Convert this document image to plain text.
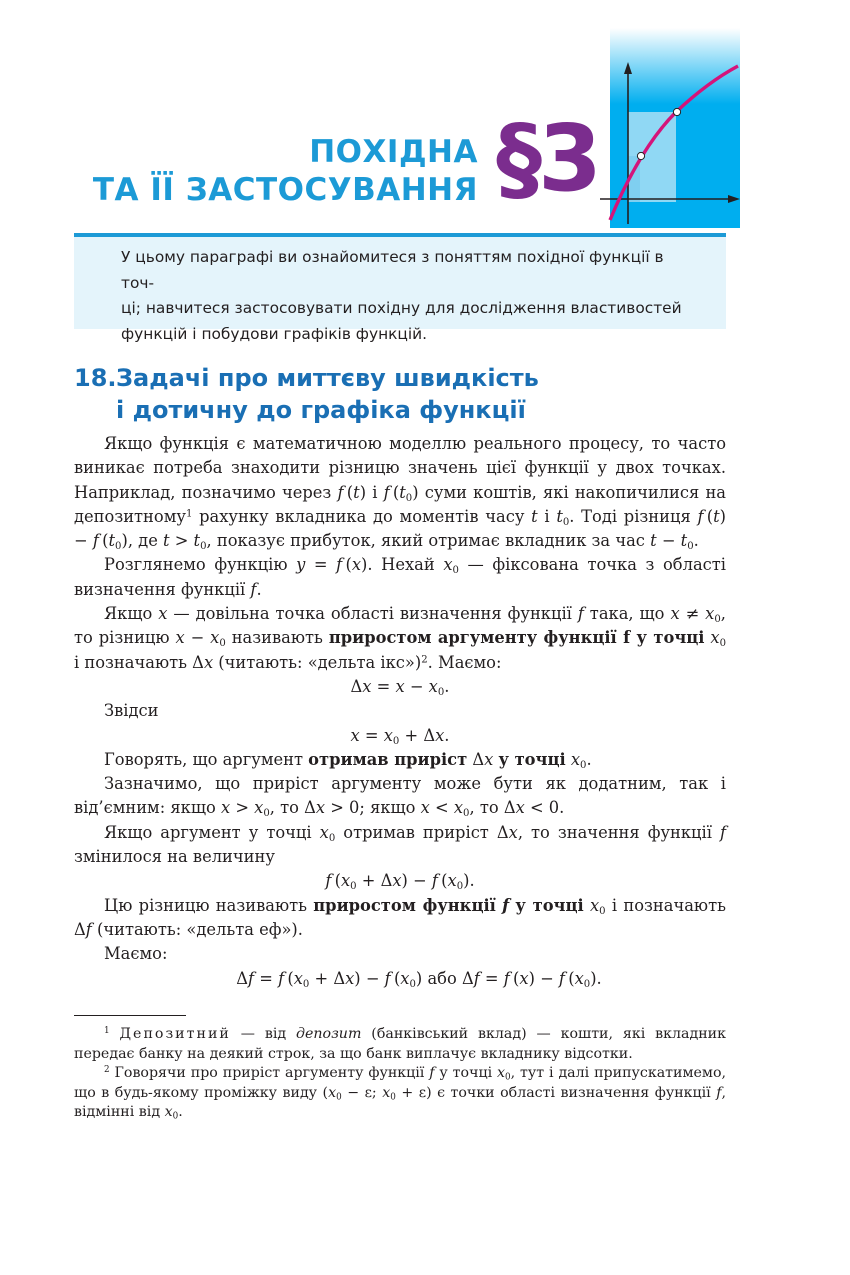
ПОХІДНА
ТА ЇЇ ЗАСТОСУВАННЯ §3
У цьому параграфі ви ознайомитеся з поняттям похідної функції в точ-
ці; навчитеся застосовувати похідну для дослідження властивостей
функцій і побудови графіків функцій.
18.Задачі про миттєву швидкість
і дотичну до графіка функції

Якщо функція є математичною моделлю реального процесу, то часто виникає потреба знаходити різницю значень цієї функції у двох точках. Наприклад, позначимо через f (t) і f $(t_0)$ суми коштів, які накопичилися на депозитному$^1$ рахунку вкладника до моментів часу t і $t_0$. Тоді різниця f (t) − f $(t_0)$, де $t > t_0$, показує прибуток, який отримає вкладник за час $t - t_0$.

Розглянемо функцію y = f (x). Нехай $x_0$ — фіксована точка з області визначення функції f.

Якщо x — довільна точка області визначення функції f така, що $x \ne x_0$, то різницю $x - x_0$ називають приростом аргументу функції f у точці $x_0$ і позначають Δx (читають: «дельта ікс»)$^2$. Маємо:

$\Delta x = x - x_0$.

Звідси

$x = x_0 + \Delta x$.

Говорять, що аргумент отримав приріст Δx у точці $x_0$.

Зазначимо, що приріст аргументу може бути як додатним, так і від’ємним: якщо $x > x_0$, то Δx > 0; якщо $x < x_0$, то Δx < 0.

Якщо аргумент у точці $x_0$ отримав приріст Δx, то значення функції f змінилося на величину

f $(x_0 + \Delta x) - f$ $(x_0)$.

Цю різницю називають приростом функції f у точці $x_0$ і позначають Δf (читають: «дельта еф»).

Маємо:

Δf = f $(x_0 + \Delta x) - f$ $(x_0)$ або Δf = f (x) − f $(x_0)$.

$^1$ Депозитний — від депозит (банківський вклад) — кошти, які вкладник передає банку на деякий строк, за що банк виплачує вкладнику відсотки.

$^2$ Говорячи про приріст аргументу функції f у точці $x_0$, тут і далі припускатимемо, що в будь-якому проміжку виду ($x_0 - \varepsilon$; $x_0 + \varepsilon$) є точки області визначення функції f, відмінні від $x_0$.
